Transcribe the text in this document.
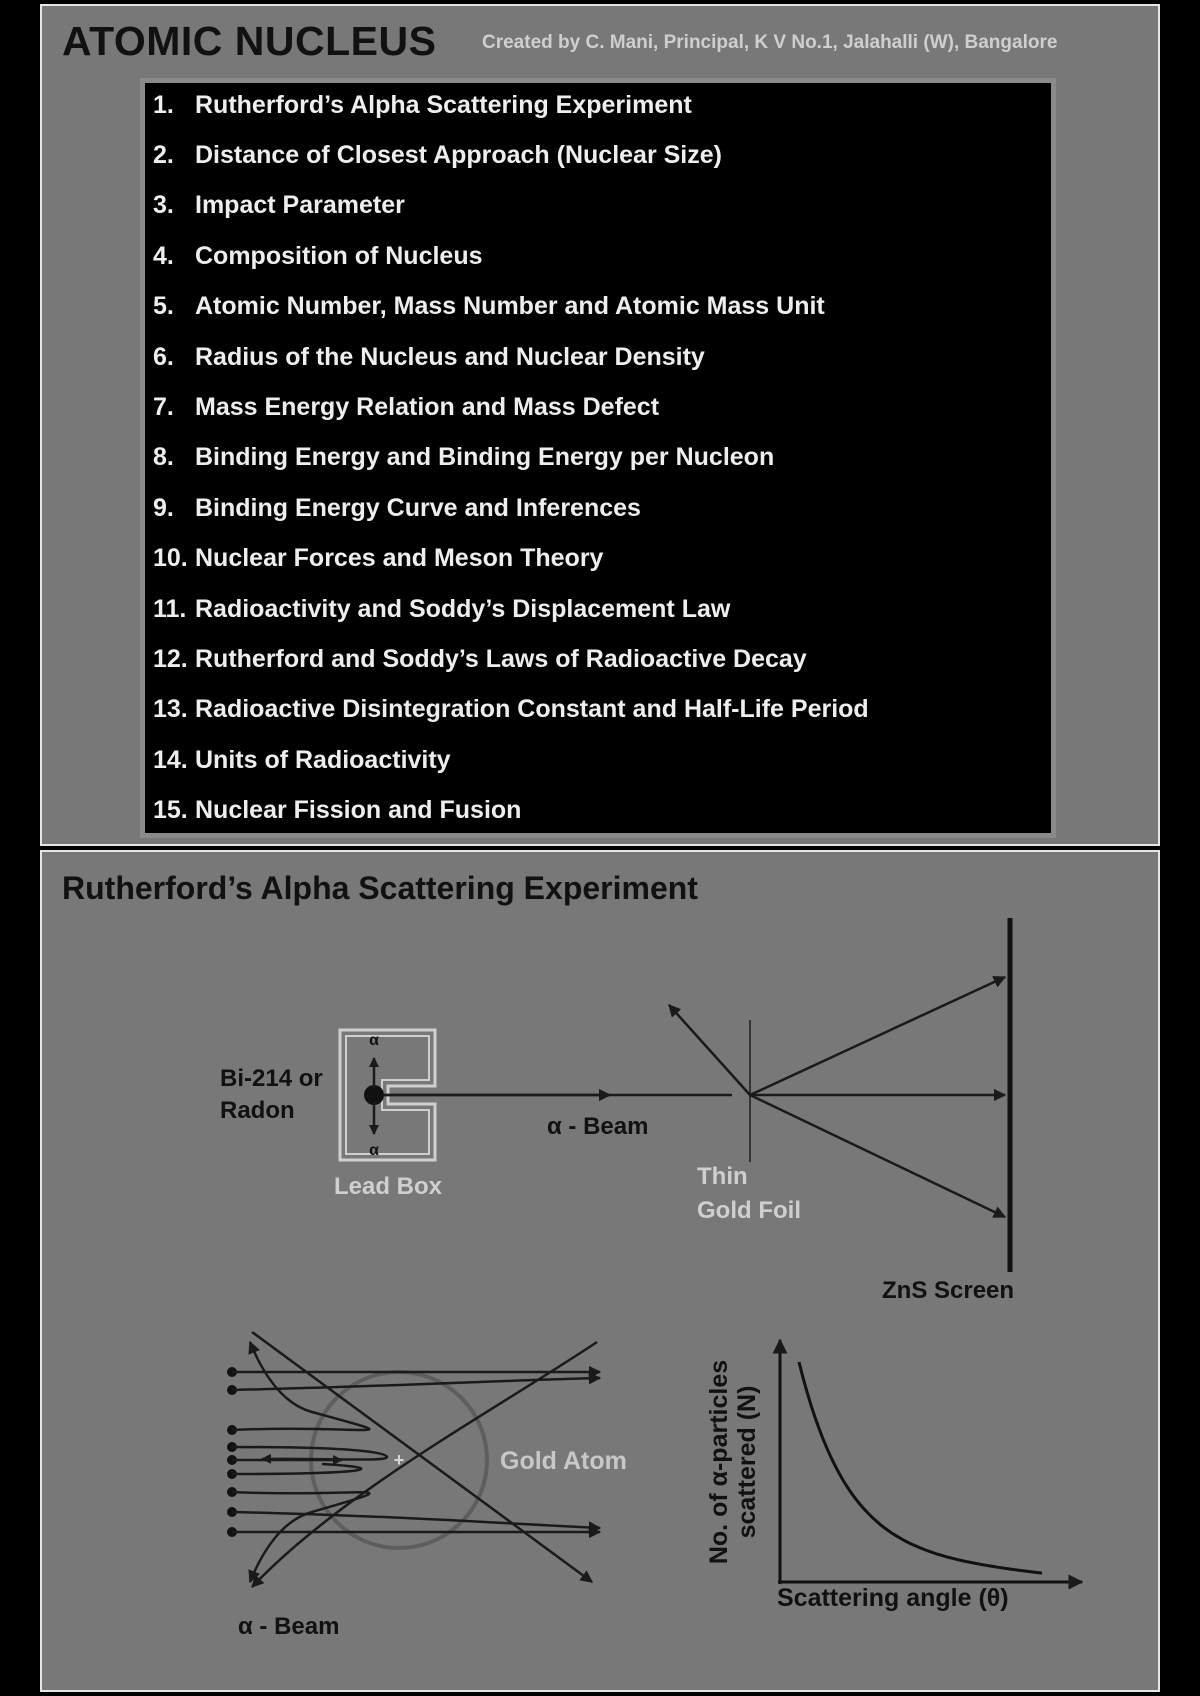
ATOMIC NUCLEUS Created by C. Mani, Principal, K V No.1, Jalahalli (W), Bangalore
1. Rutherford’s Alpha Scattering Experiment
2. Distance of Closest Approach (Nuclear Size)
3. Impact Parameter
4. Composition of Nucleus
5. Atomic Number, Mass Number and Atomic Mass Unit
6. Radius of the Nucleus and Nuclear Density
7. Mass Energy Relation and Mass Defect
8. Binding Energy and Binding Energy per Nucleon
9. Binding Energy Curve and Inferences
10. Nuclear Forces and Meson Theory
11. Radioactivity and Soddy’s Displacement Law
12. Rutherford and Soddy’s Laws of Radioactive Decay
13. Radioactive Disintegration Constant and Half-Life Period
14. Units of Radioactivity
15. Nuclear Fission and Fusion
Rutherford’s Alpha Scattering Experiment
α
α
Bi-214 or
Radon
Lead Box
α - Beam
Thin
Gold Foil
ZnS Screen
+	Gold Atom
α - Beam
Scattering angle (θ)
No. of α-particles scattered (N)
